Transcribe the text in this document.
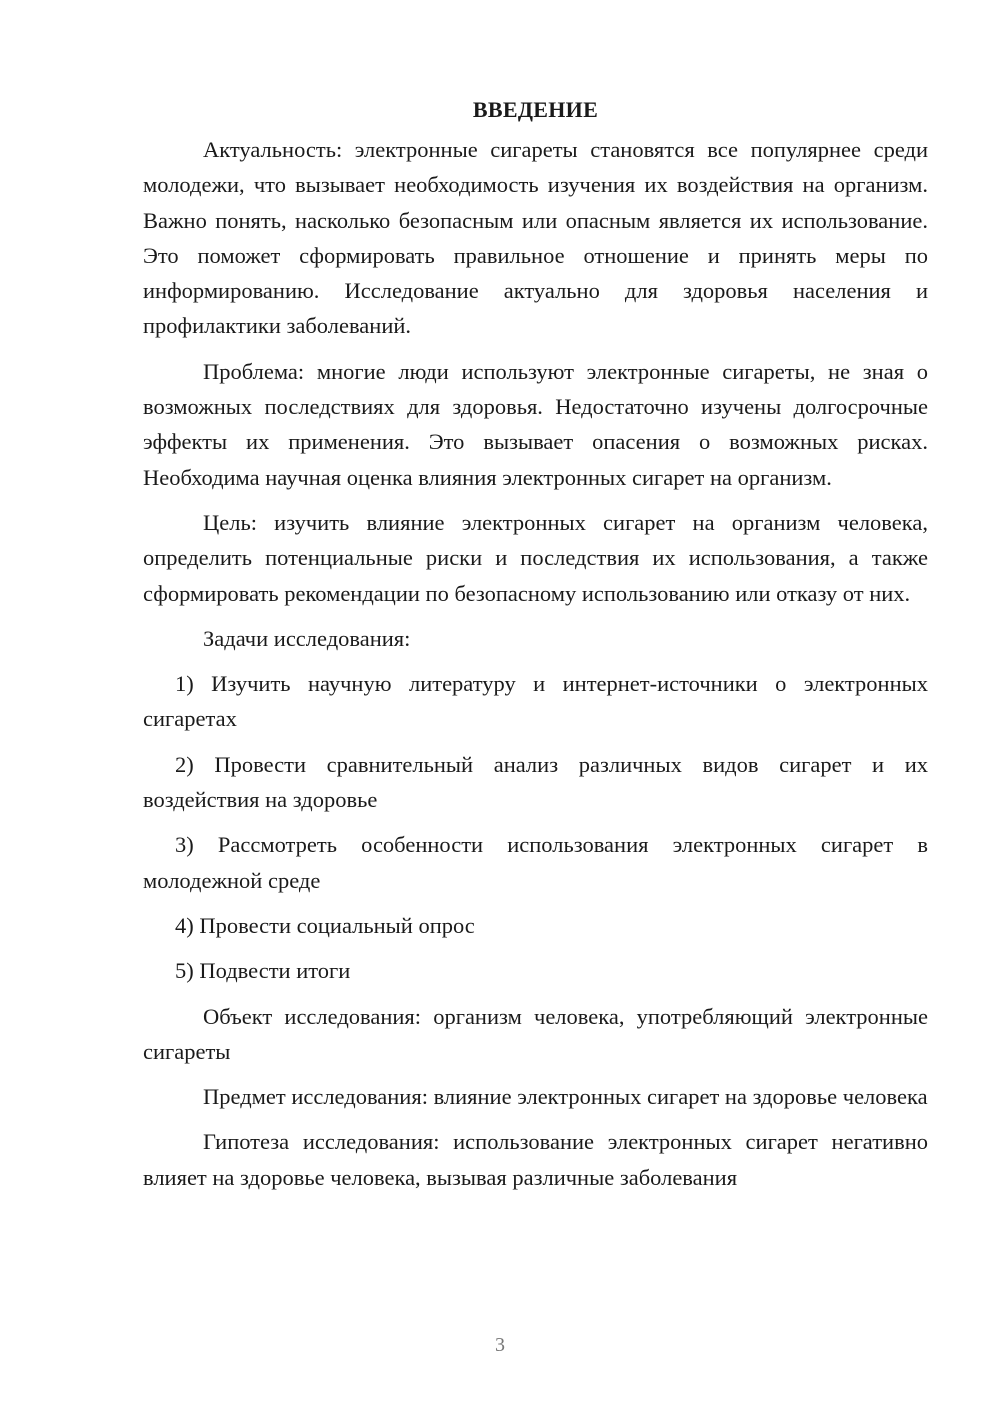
ВВЕДЕНИЕ

Актуальность: электронные сигареты становятся все популярнее среди молодежи, что вызывает необходимость изучения их воздействия на организм. Важно понять, насколько безопасным или опасным является их использование. Это поможет сформировать правильное отношение и принять меры по информированию. Исследование актуально для здоровья населения и профилактики заболеваний.

Проблема: многие люди используют электронные сигареты, не зная о возможных последствиях для здоровья. Недостаточно изучены долгосрочные эффекты их применения. Это вызывает опасения о возможных рисках. Необходима научная оценка влияния электронных сигарет на организм.

Цель: изучить влияние электронных сигарет на организм человека, определить потенциальные риски и последствия их использования, а также сформировать рекомендации по безопасному использованию или отказу от них.

Задачи исследования:

1) Изучить научную литературу и интернет-источники о электронных сигаретах

2) Провести сравнительный анализ различных видов сигарет и их воздействия на здоровье

3) Рассмотреть особенности использования электронных сигарет в молодежной среде

4) Провести социальный опрос

5) Подвести итоги

Объект исследования: организм человека, употребляющий электронные сигареты

Предмет исследования: влияние электронных сигарет на здоровье человека

Гипотеза исследования: использование электронных сигарет негативно влияет на здоровье человека, вызывая различные заболевания

3
